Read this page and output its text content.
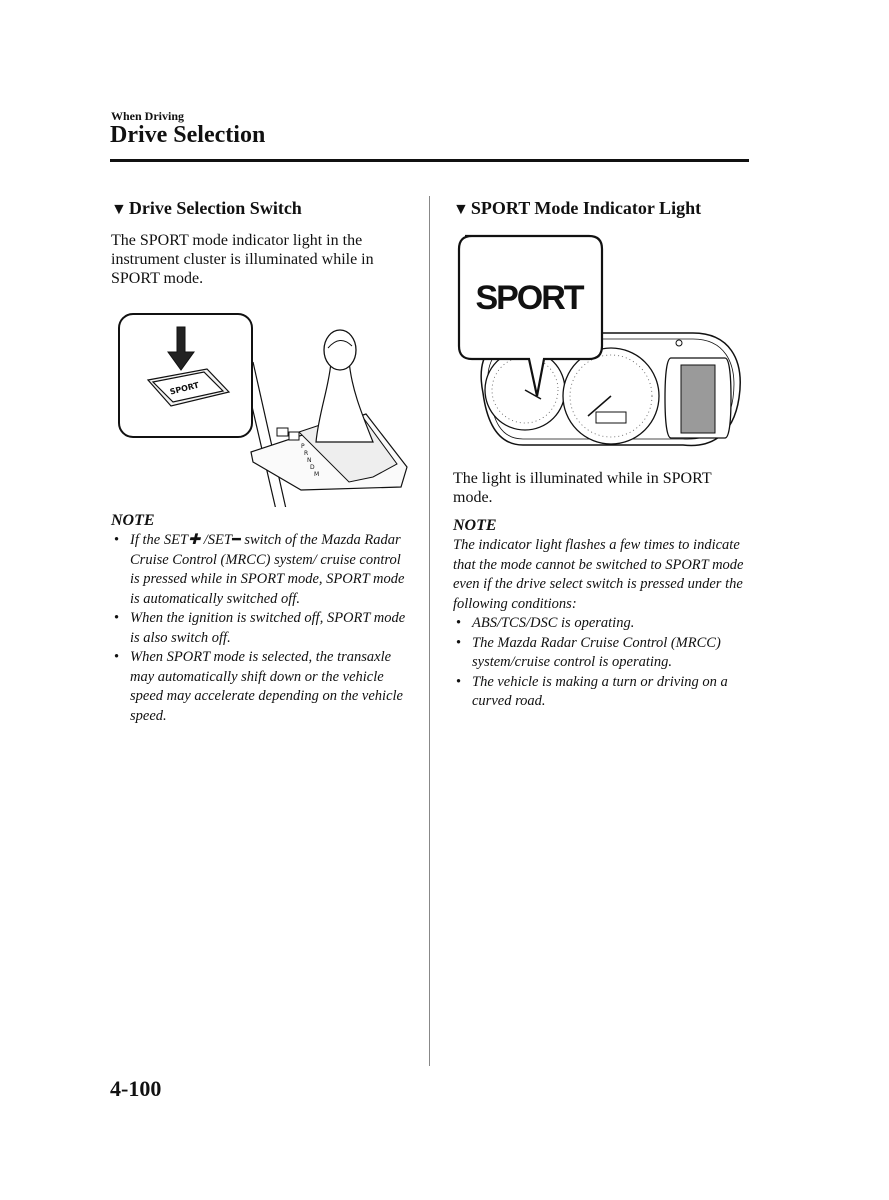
When Driving
Drive Selection
▼ Drive Selection Switch

The SPORT mode indicator light in the instrument cluster is illuminated while in SPORT mode.

P
R
N
D
M
SPORT
NOTE
• If the SET✚ /SET━ switch of the Mazda Radar Cruise Control (MRCC) system/ cruise control is pressed while in SPORT mode, SPORT mode is automatically switched off.
• When the ignition is switched off, SPORT mode is also switch off.
• When SPORT mode is selected, the transaxle may automatically shift down or the vehicle speed may accelerate depending on the vehicle speed.
▼ SPORT Mode Indicator Light
SPORT

The light is illuminated while in SPORT mode.

NOTE

The indicator light flashes a few times to indicate that the mode cannot be switched to SPORT mode even if the drive select switch is pressed under the following conditions:

• ABS/TCS/DSC is operating.
• The Mazda Radar Cruise Control (MRCC) system/cruise control is operating.
• The vehicle is making a turn or driving on a curved road.
4-100
